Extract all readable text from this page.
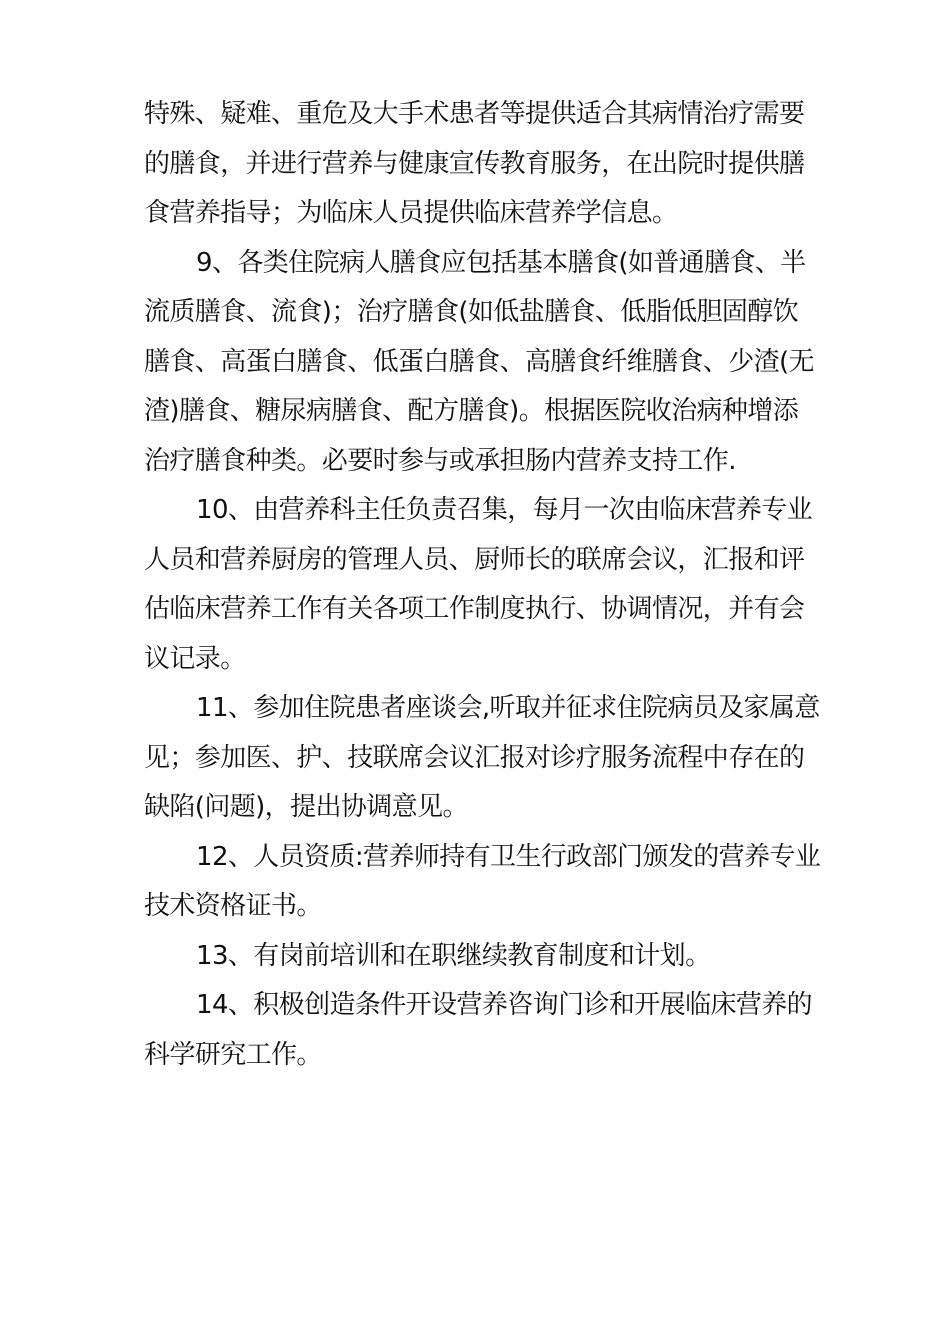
特殊、疑难、重危及大手术患者等提供适合其病情治疗需要
的膳食，并进行营养与健康宣传教育服务，在出院时提供膳
食营养指导；为临床人员提供临床营养学信息。
9、各类住院病人膳食应包括基本膳食(如普通膳食、半
流质膳食、流食)；治疗膳食(如低盐膳食、低脂低胆固醇饮
膳食、高蛋白膳食、低蛋白膳食、高膳食纤维膳食、少渣(无
渣)膳食、糖尿病膳食、配方膳食)。根据医院收治病种增添
治疗膳食种类。必要时参与或承担肠内营养支持工作.
10、由营养科主任负责召集，每月一次由临床营养专业
人员和营养厨房的管理人员、厨师长的联席会议，汇报和评
估临床营养工作有关各项工作制度执行、协调情况，并有会
议记录。
11、参加住院患者座谈会,听取并征求住院病员及家属意
见；参加医、护、技联席会议汇报对诊疗服务流程中存在的
缺陷(问题)，提出协调意见。
12、人员资质:营养师持有卫生行政部门颁发的营养专业
技术资格证书。
13、有岗前培训和在职继续教育制度和计划。
14、积极创造条件开设营养咨询门诊和开展临床营养的
科学研究工作。
